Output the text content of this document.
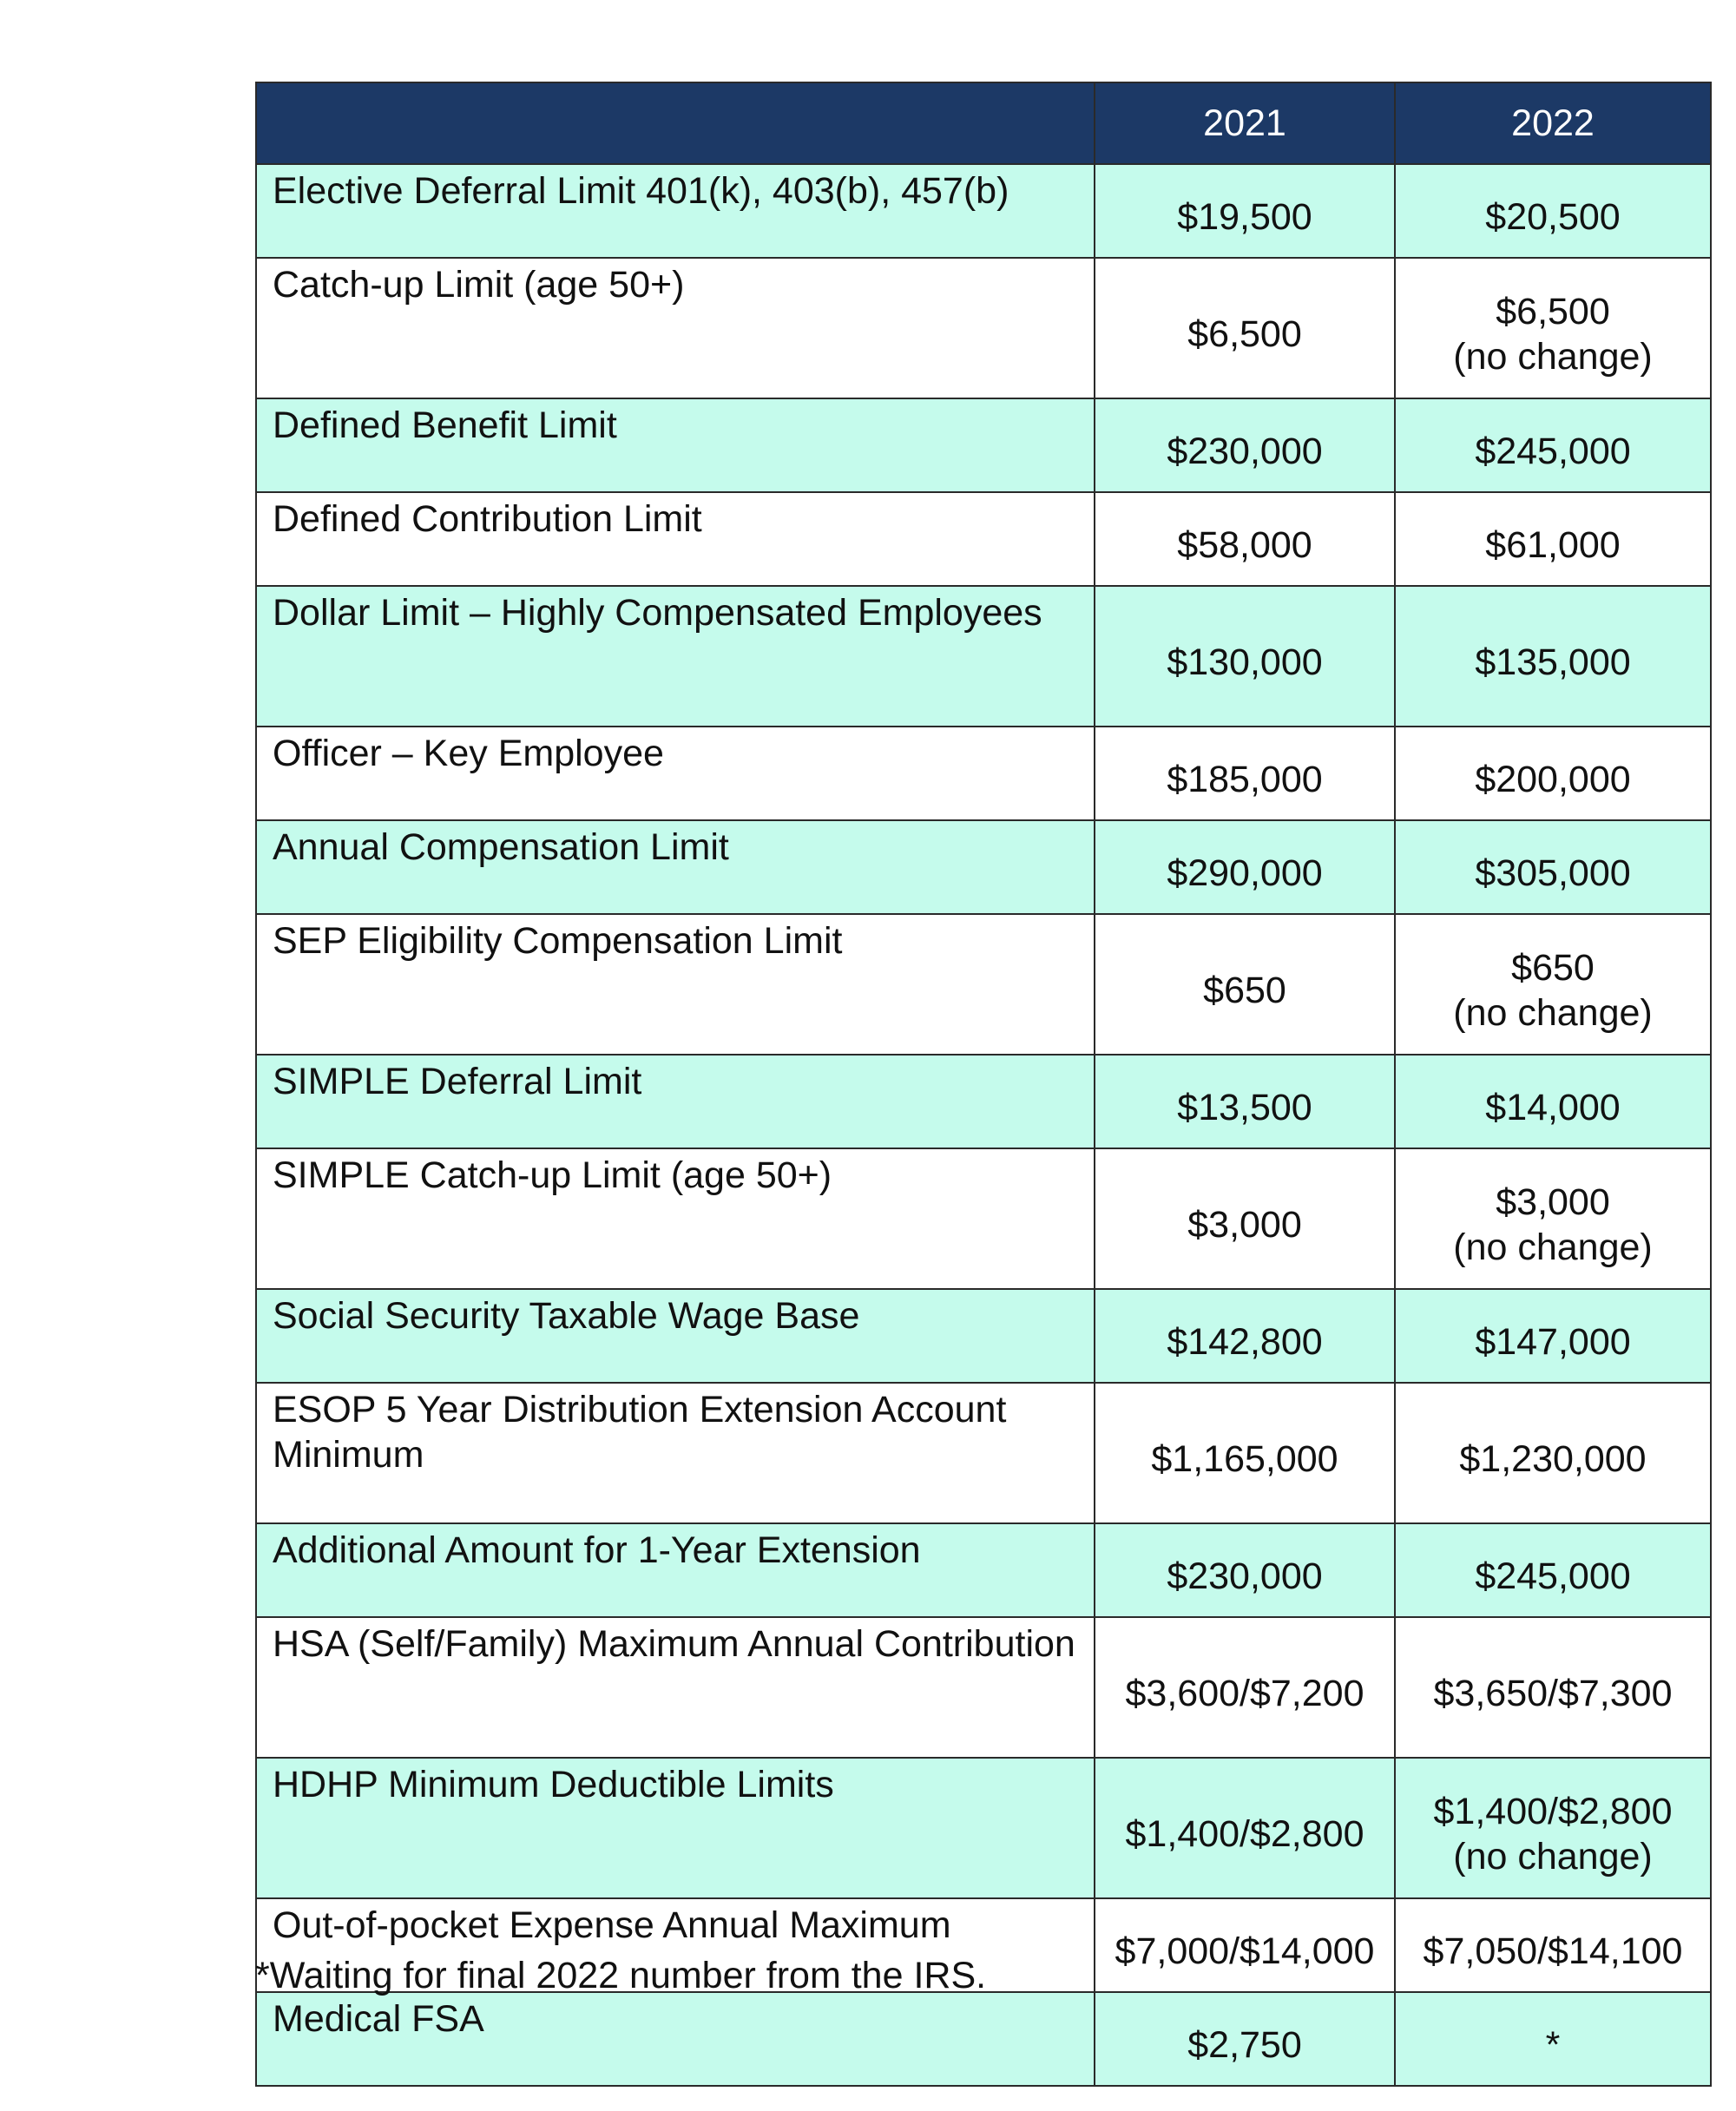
	2021	2022
Elective Deferral Limit 401(k), 403(b), 457(b)	$19,500	$20,500
Catch-up Limit (age 50+)	$6,500	$6,500
(no change)
Defined Benefit Limit	$230,000	$245,000
Defined Contribution Limit	$58,000	$61,000
Dollar Limit – Highly Compensated Employees	$130,000	$135,000
Officer – Key Employee	$185,000	$200,000
Annual Compensation Limit	$290,000	$305,000
SEP Eligibility Compensation Limit	$650	$650
(no change)
SIMPLE Deferral Limit	$13,500	$14,000
SIMPLE Catch-up Limit (age 50+)	$3,000	$3,000
(no change)
Social Security Taxable Wage Base	$142,800	$147,000
ESOP 5 Year Distribution Extension Account Minimum	$1,165,000	$1,230,000
Additional Amount for 1-Year Extension	$230,000	$245,000
HSA (Self/Family) Maximum Annual Contribution	$3,600/$7,200	$3,650/$7,300
HDHP Minimum Deductible Limits	$1,400/$2,800	$1,400/$2,800
(no change)
Out-of-pocket Expense Annual Maximum	$7,000/$14,000	$7,050/$14,100
Medical FSA	$2,750	*
*Waiting for final 2022 number from the IRS.
